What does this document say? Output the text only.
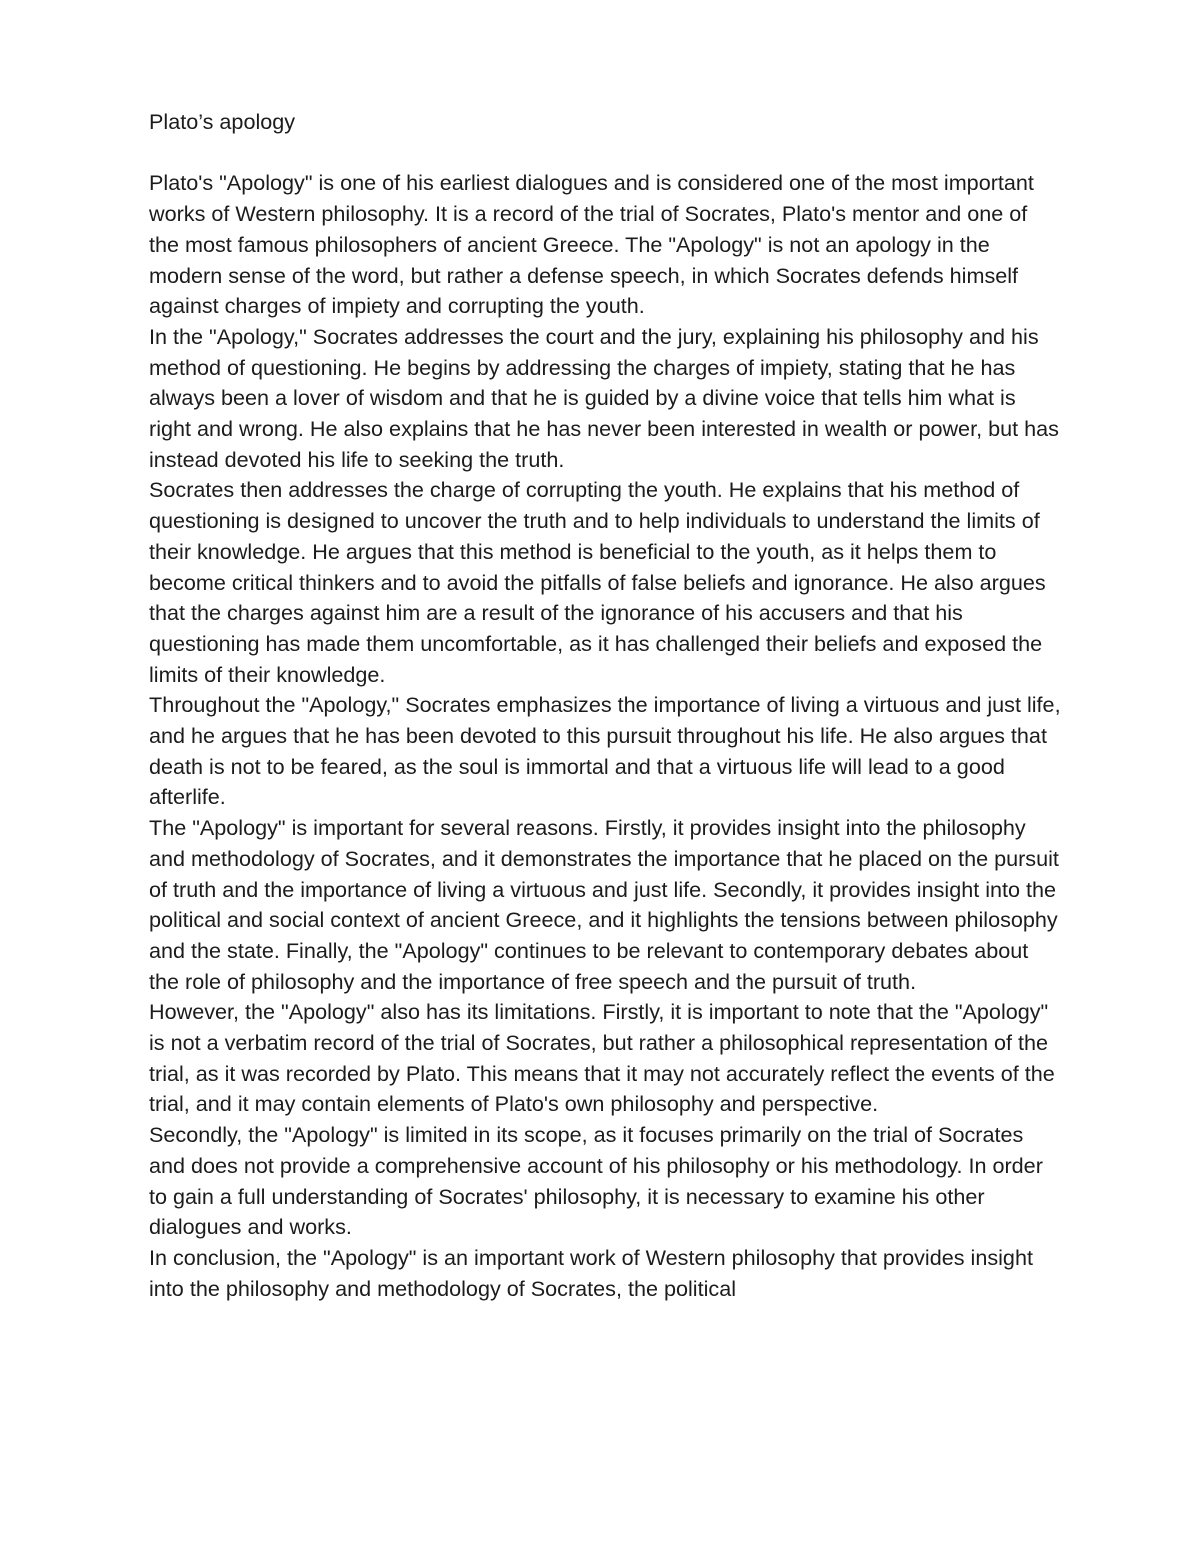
Plato’s apology

Plato's "Apology" is one of his earliest dialogues and is considered one of the most important works of Western philosophy. It is a record of the trial of Socrates, Plato's mentor and one of the most famous philosophers of ancient Greece. The "Apology" is not an apology in the modern sense of the word, but rather a defense speech, in which Socrates defends himself against charges of impiety and corrupting the youth.

In the "Apology," Socrates addresses the court and the jury, explaining his philosophy and his method of questioning. He begins by addressing the charges of impiety, stating that he has always been a lover of wisdom and that he is guided by a divine voice that tells him what is right and wrong. He also explains that he has never been interested in wealth or power, but has instead devoted his life to seeking the truth.

Socrates then addresses the charge of corrupting the youth. He explains that his method of questioning is designed to uncover the truth and to help individuals to understand the limits of their knowledge. He argues that this method is beneficial to the youth, as it helps them to become critical thinkers and to avoid the pitfalls of false beliefs and ignorance. He also argues that the charges against him are a result of the ignorance of his accusers and that his questioning has made them uncomfortable, as it has challenged their beliefs and exposed the limits of their knowledge.

Throughout the "Apology," Socrates emphasizes the importance of living a virtuous and just life, and he argues that he has been devoted to this pursuit throughout his life. He also argues that death is not to be feared, as the soul is immortal and that a virtuous life will lead to a good afterlife.

The "Apology" is important for several reasons. Firstly, it provides insight into the philosophy and methodology of Socrates, and it demonstrates the importance that he placed on the pursuit of truth and the importance of living a virtuous and just life. Secondly, it provides insight into the political and social context of ancient Greece, and it highlights the tensions between philosophy and the state. Finally, the "Apology" continues to be relevant to contemporary debates about the role of philosophy and the importance of free speech and the pursuit of truth.

However, the "Apology" also has its limitations. Firstly, it is important to note that the "Apology" is not a verbatim record of the trial of Socrates, but rather a philosophical representation of the trial, as it was recorded by Plato. This means that it may not accurately reflect the events of the trial, and it may contain elements of Plato's own philosophy and perspective.

Secondly, the "Apology" is limited in its scope, as it focuses primarily on the trial of Socrates and does not provide a comprehensive account of his philosophy or his methodology. In order to gain a full understanding of Socrates' philosophy, it is necessary to examine his other dialogues and works.

In conclusion, the "Apology" is an important work of Western philosophy that provides insight into the philosophy and methodology of Socrates, the political
